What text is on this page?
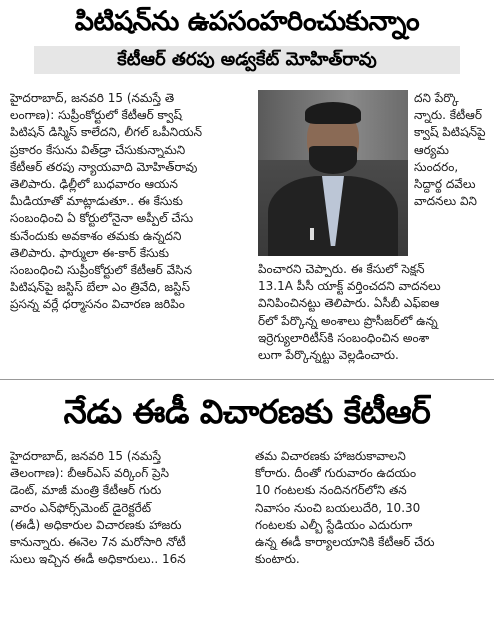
పిటిషన్‌ను ఉపసంహరించుకున్నాం
కేటీఆర్ తరపు అడ్వకేట్ మోహిత్‌రావు
హైదరాబాద్, జనవరి 15 (నమస్తే తె
లంగాణ): సుప్రీంకోర్టులో కేటీఆర్ క్వాష్
పిటిషన్ డిస్మిస్ కాలేదని, లీగల్ ఒపీనియన్
ప్రకారం కేసును విత్‌డ్రా చేసుకున్నామని
కేటీఆర్ తరపు న్యాయవాది మోహిత్‌రావు
తెలిపారు. ఢిల్లీలో బుధవారం ఆయన
మీడియాతో మాట్లాడుతూ.. ఈ కేసుకు
సంబంధించి ఏ కోర్టులోనైనా అప్పీల్ చేసు
కునేందుకు అవకాశం తమకు ఉన్నదని
తెలిపారు. ఫార్ములా ఈ-కార్ కేసుకు
సంబంధించి సుప్రీంకోర్టులో కేటీఆర్ వేసిన
పిటిషన్‌పై జస్టిస్ బేలా ఎం త్రివేది, జస్టిస్
ప్రసన్న వర్లే ధర్మాసనం విచారణ జరిపిం
దని పేర్కొ
న్నారు. కేటీఆర్
క్వాష్ పిటిషన్‌పై
ఆర్యమ
సుందరం,
సిద్ధార్థ దవేలు
వాదనలు విని
పించారని చెప్పారు. ఈ కేసులో సెక్షన్
13.1A పీసీ యాక్ట్ వర్తించదని వాదనలు
వినిపించినట్టు తెలిపారు. ఏసీబీ ఎఫ్ఐఆ
ర్‌లో పేర్కొన్న అంశాలు ప్రొసీజర్‌లో ఉన్న
ఇర్రెగ్యులారిటీస్‌కి సంబంధించిన అంశా
లుగా పేర్కొన్నట్టు వెల్లడించారు.
నేడు ఈడీ విచారణకు కేటీఆర్
హైదరాబాద్, జనవరి 15 (నమస్తే
తెలంగాణ): బీఆర్ఎస్ వర్కింగ్ ప్రెసి
డెంట్, మాజీ మంత్రి కేటీఆర్ గురు
వారం ఎన్‌ఫోర్స్‌మెంట్ డైరెక్టరేట్
(ఈడీ) అధికారుల విచారణకు హాజరు
కానున్నారు. ఈనెల 7న మరోసారి నోటీ
సులు ఇచ్చిన ఈడీ అధికారులు.. 16న
తమ విచారణకు హాజరుకావాలని
కోరారు. దీంతో గురువారం ఉదయం
10 గంటలకు నందినగర్‌లోని తన
నివాసం నుంచి బయలుదేరి, 10.30
గంటలకు ఎల్బీ స్టేడియం ఎదురుగా
ఉన్న ఈడీ కార్యాలయానికి కేటీఆర్ చేరు
కుంటారు.
